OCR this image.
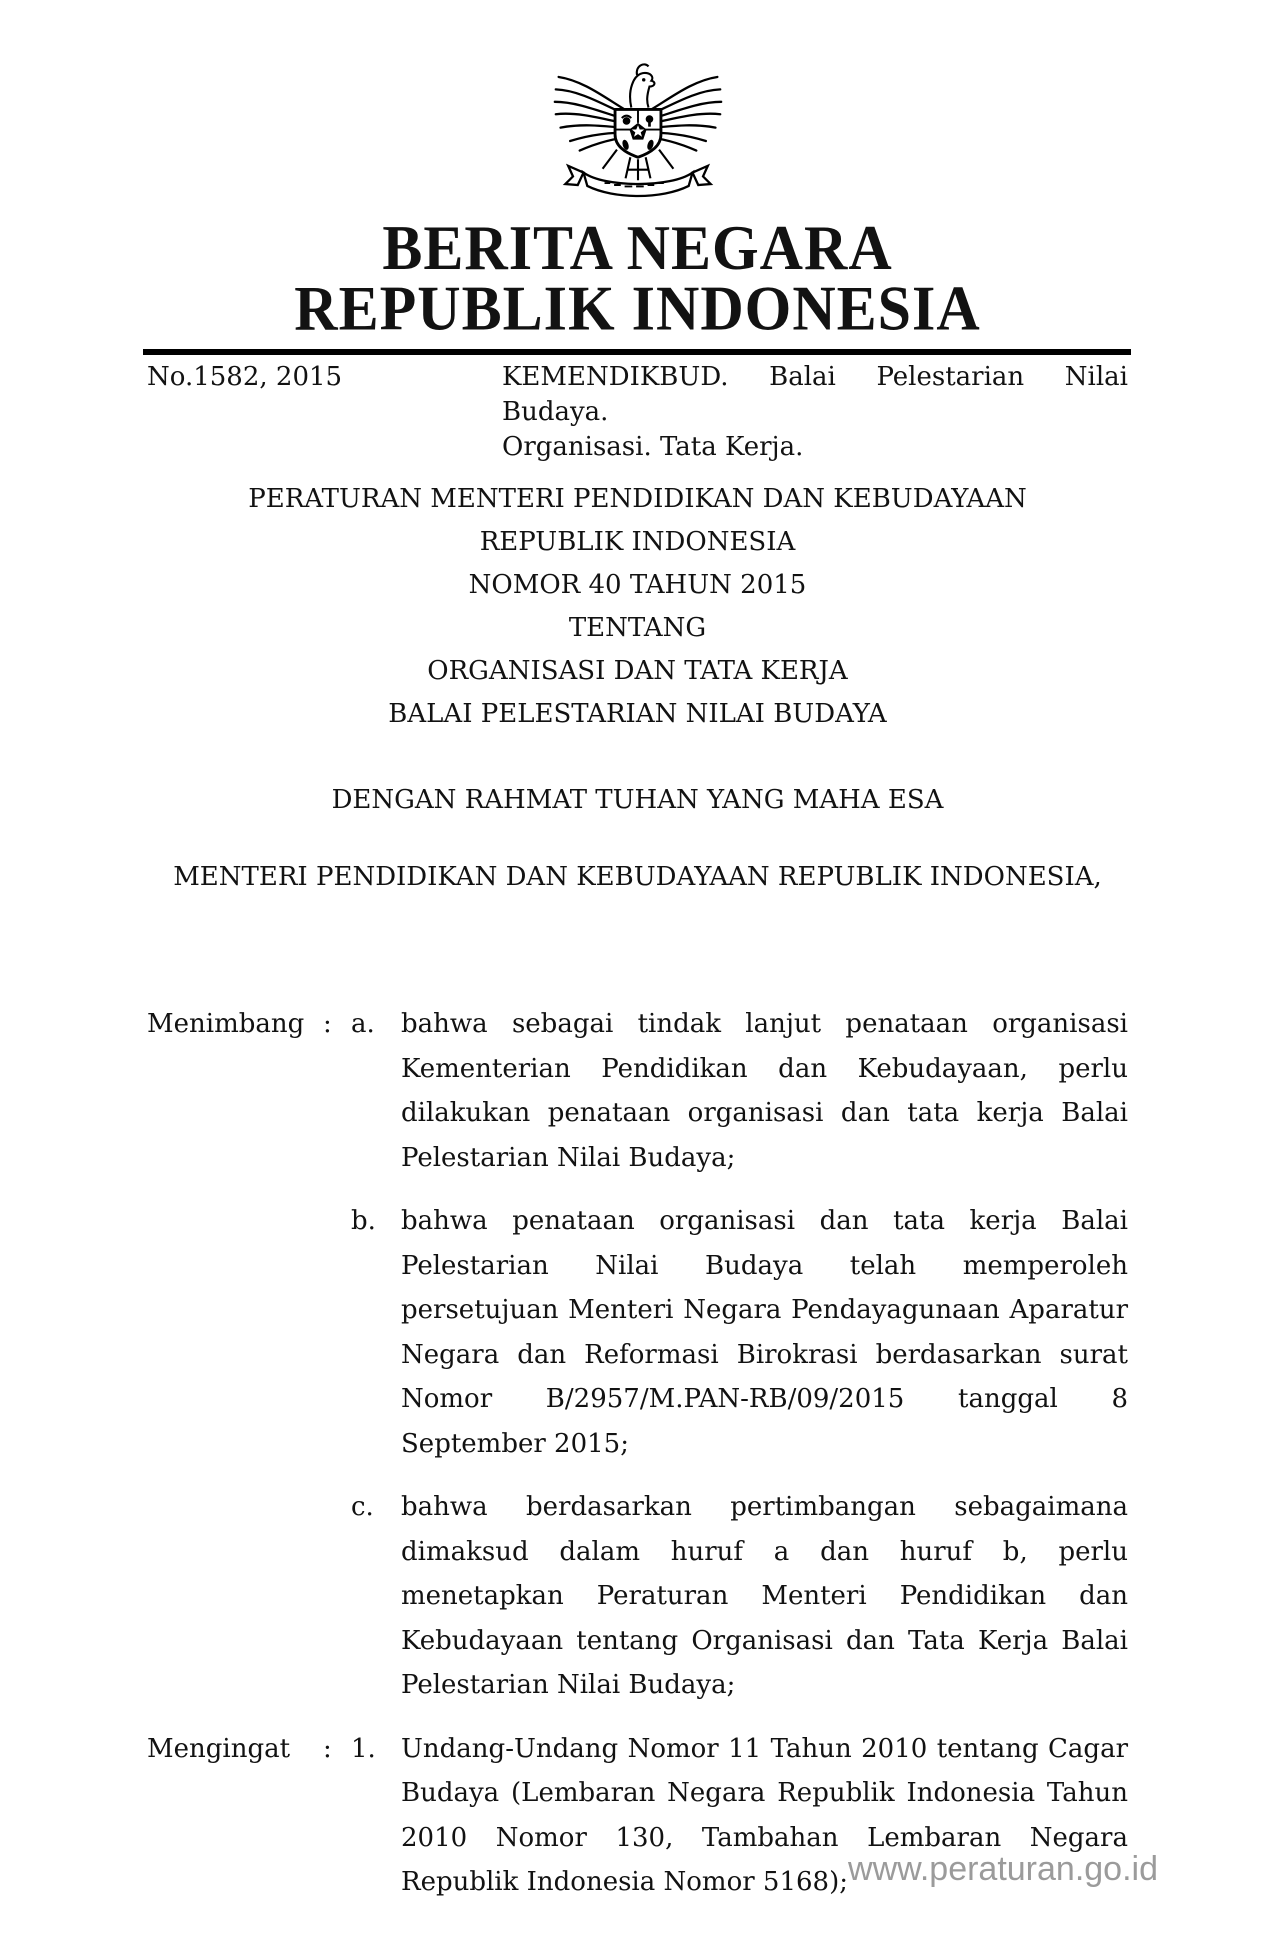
BERITA NEGARA
REPUBLIK INDONESIA
No.1582, 2015	KEMENDIKBUD. Balai Pelestarian Nilai Budaya.
Organisasi. Tata Kerja.
PERATURAN MENTERI PENDIDIKAN DAN KEBUDAYAAN
REPUBLIK INDONESIA
NOMOR 40 TAHUN 2015
TENTANG
ORGANISASI DAN TATA KERJA
BALAI PELESTARIAN NILAI BUDAYA
DENGAN RAHMAT TUHAN YANG MAHA ESA
MENTERI PENDIDIKAN DAN KEBUDAYAAN REPUBLIK INDONESIA,
Menimbang : a.	bahwa sebagai tindak lanjut penataan organisasi Kementerian Pendidikan dan Kebudayaan, perlu dilakukan penataan organisasi dan tata kerja Balai Pelestarian Nilai Budaya;
b. bahwa penataan organisasi dan tata kerja Balai Pelestarian Nilai Budaya telah memperoleh persetujuan Menteri Negara Pendayagunaan Aparatur Negara dan Reformasi Birokrasi berdasarkan surat Nomor B/2957/M.PAN-RB/09/2015 tanggal 8 September 2015;
c.	bahwa berdasarkan pertimbangan sebagaimana dimaksud dalam huruf a dan huruf b, perlu menetapkan Peraturan Menteri Pendidikan dan Kebudayaan tentang Organisasi dan Tata Kerja Balai Pelestarian Nilai Budaya;
Mengingat	: 1. Undang-Undang Nomor 11 Tahun 2010 tentang Cagar Budaya (Lembaran Negara Republik Indonesia Tahun 2010 Nomor 130, Tambahan Lembaran Negara Republik Indonesia Nomor 5168); www.peraturan.go.id
